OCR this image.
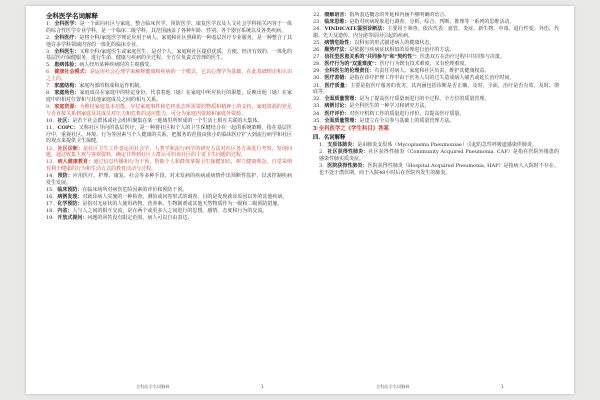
全科医学名词解释
1．全科医学：是一个面向社区与家庭，整合临床医学、预防医学、康复医学以及人文社会学科相关内容于一体的综合性医学专业学科，是一个临床二级学科，其范围涵盖了各种年龄、性别、各个器官系统以及各类疾病。
2．全科医疗：是将全科/家庭医学理论应用于病人、家庭和社区照顾的一种基层医疗专业服务，是一种整合了其他许多学科领域内容的一体化的临床专业。
3．全科医生：又称全科/家庭医生或家庭医生，是对个人、家庭和社区提供优质、方便、经济有效的、一体化的基层医疗保健服务，进行生命、健康与疾病的全过程、全方位负责式管理的医生。
5．患病体验：病人经历某种疾病时的主观感受。
6．健康社会模式：是运用社会心理学来解释健康和疾病的一个模式，它以心理学为基础，在此基础理论和认识之上的。
7．家庭结构：家庭内部的构成和运作机制。
8．家庭角色：家庭成员在家庭中的特定身份，代表着他（她）在家庭中所应执行的职能，反映出他（她）在家庭中的相对位置和与其他家庭成员之间的相互关系。
9．家庭资源：为维持家庭基本功能、应付家庭事件和危机状态所需要的物质和精神上的支持，家庭资源的充足与否直接关系到家庭及其成员对压力和危机的适应能力，可分为家庭内资源和家庭外资源。
10．社区：是若干社会群体或社会组织聚集在某一地域里所形成的一个生活上相互关联的大集体。
11．COPC：又称社区导向的基层医疗，是一种将社区和个人的卫生保健结合在一起的系统策略，指在基层医疗中，重视社区、环境、行为等因素与个人健康的关系，把服务的范围由狭小的临床医疗扩大到流行病学和社区的观点来提供卫生保健。
12．社区诊断：是社区卫生工作者运用社会学、人类学和流行病学的研究方法对社区各方面进行考察，发现问题，通过收集主观与客观资料，确定并得到社区人群认可的该社区的主要卫生问题的过程。
13．病人健康教育：通过信息传播和行为干预，帮助个人和群体掌握卫生保健知识，树立健康观念，自觉采纳有利于健康的行为和生活方式的教育活动与过程。
14．预防：应用医疗、护理、康复、社会等多种手段，对未发病的疾病或病情作出预断性监护，以求控制疾病发生发展。
15．临床预防：在临床场所对病伤危险因素的评价和预防干预。
16．病例发现：对就诊病人实施的一种检查、测验或问卷形式的调查，目的是发现就诊原因以外的其他疾病。
17．化学预防：是指对无症状的人使用药物、营养素、生物制剂或其他天然物质作为一级和二级预防措施。
18．内省：人与人之间的相互交流，是在两个或更多人之间进行的思想、感情、态度和行为的交流。
19．开放式提问：问题的回答没有限定范围，病人可以自由表达。
22．缓解语言：指所表达概念的外延和内涵不够明确的语言。
23．临床思维：是指对疾病现象进行调查、分析、综合、判断、推理等一系列的思维活动。
24．VINDICATE鉴别诊断法：主要用于筛查。依次代表：血管、炎症、新生物、中毒、退行性变、外伤、代谢、先天及遗传、内分泌等原因引起的疾病。
25．病情危险性：以科室的形式描述病人的健康状态。
26．顺势疗法：是依据与疾病症状相似的原理进行治疗的方法。
27．信托型医患关系的"共同参与"和"契约性"：医患双方在治疗过程中共同参与决策。
28．医疗行为的"双重难度"：医疗行为既有技术难度，又有伦理难度。
29．全科医生的伦理责任：有责任对病人、家庭和社区负责，维护其健康权益。
30．医疗差错：是指在诊疗护理工作中由于医务人员的过失造成病人痛苦或延长治疗时间。
31．医疗质量：主要是指医疗服务的优劣，其内涵包括诊断是否正确、及时、全面，治疗是否有效、及时、彻底等。
32．全面质量管理：是为了提高医疗质量而进行的全过程、全方位的质量管理。
33．病例讨论：是全科医生的一种学习和研究方法。
34．医疗评价：对医疗机构工作的质量进行评价，以提高医疗质量。
35．全面质量管理：是建立在全员参与基础上的质量管理方法。
3·全科医学之《学生科目》答案
四．名词解释
1．支原体肺炎：是由肺炎支原体（Mycoplasma Pneumoniae）引起的急性呼吸道感染伴肺炎。
2．社区获得性肺炎：社区获得性肺炎（Community Acquired Pneumonia, CAP）是指在医院外罹患的感染性肺实质炎症。
3．医院获得性肺炎：医院获得性肺炎（Hospital Acquired Pneumonia, HAP）是指病人入院时不存在、也不处于潜伏期，而于入院48小时后在医院内发生的肺炎。
全科医学名词解释	1	全科医学名词解释	1
